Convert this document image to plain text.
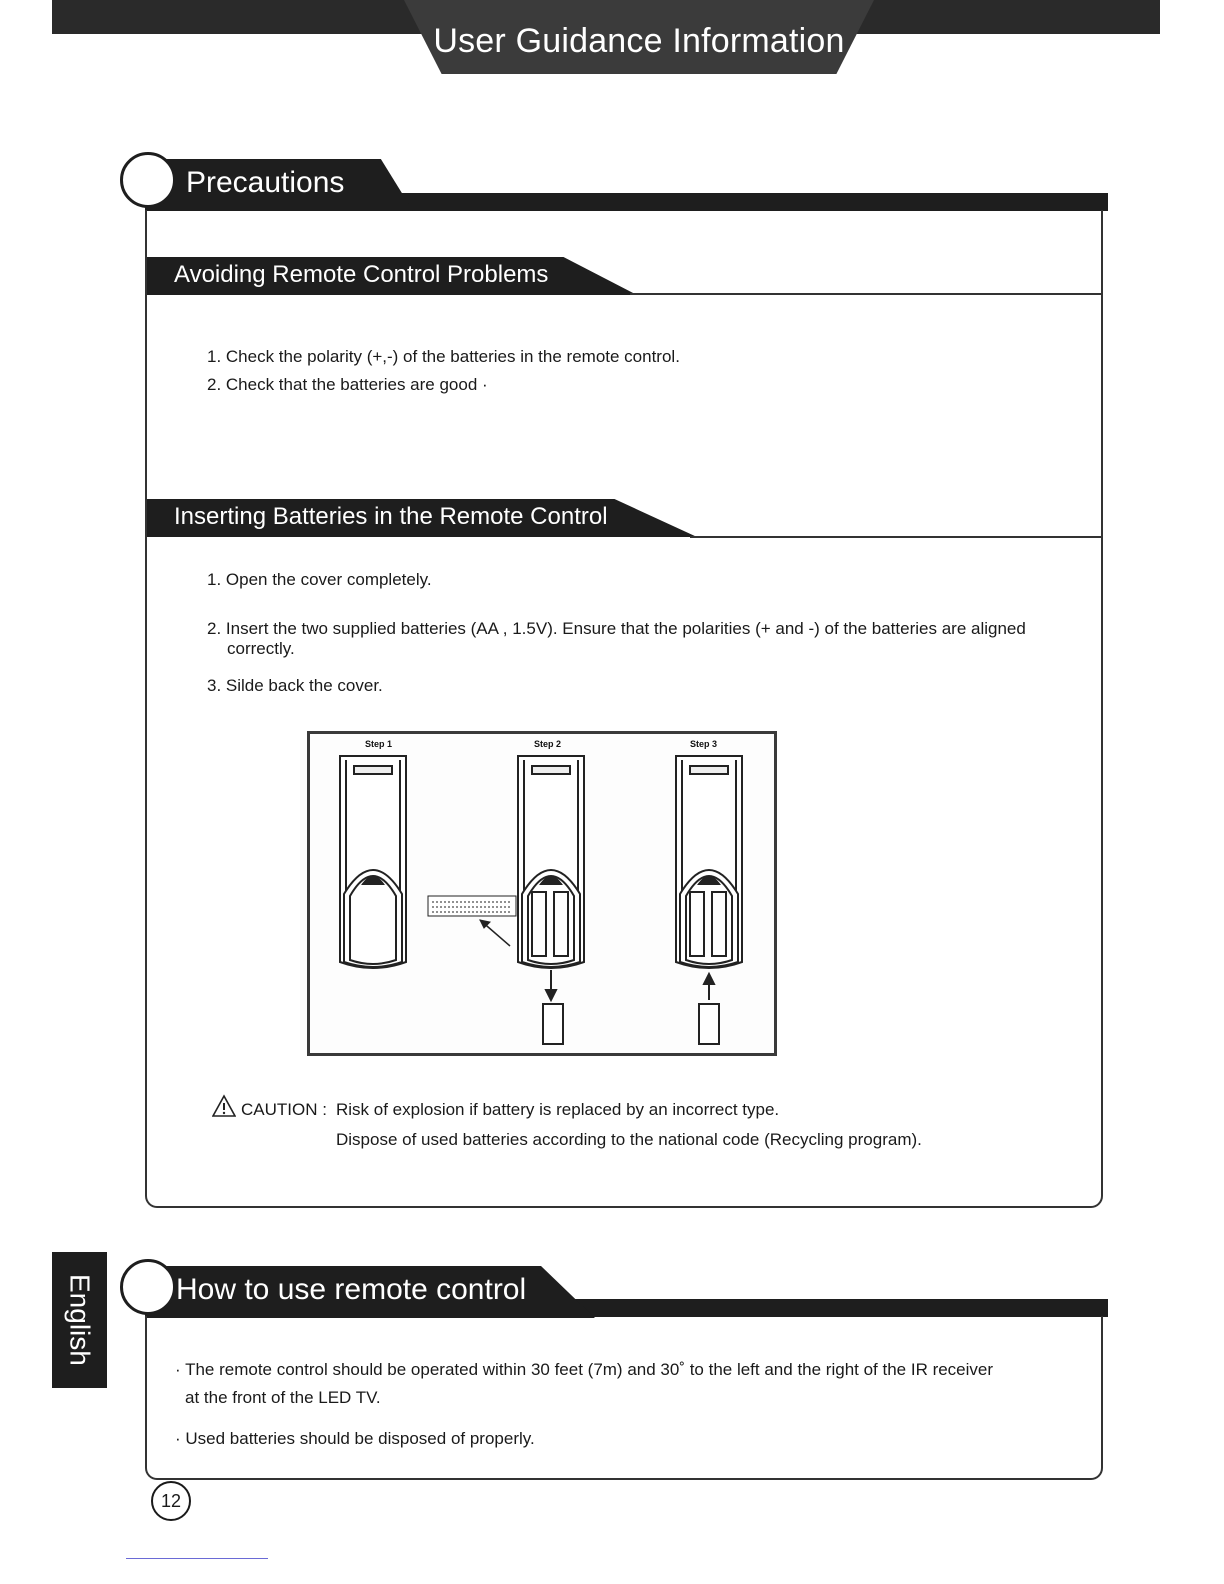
User Guidance Information
Precautions
Avoiding Remote Control Problems
1. Check the polarity (+,-) of the batteries in the remote control.
2. Check that the batteries are good ·
Inserting Batteries in the Remote Control
1. Open the cover completely.
2. Insert the two supplied batteries (AA , 1.5V). Ensure that the polarities (+ and -) of the batteries are aligned
correctly.
3. Silde back the cover.
Step 1	Step 2	Step 3
CAUTION : Risk of explosion if battery is replaced by an incorrect type.
Dispose of used batteries according to the national code (Recycling program).
How to use remote control
· The remote control should be operated within 30 feet (7m) and 30˚ to the left and the right of the IR receiver
at the front of the LED TV.
· Used batteries should be disposed of properly.
English
12
